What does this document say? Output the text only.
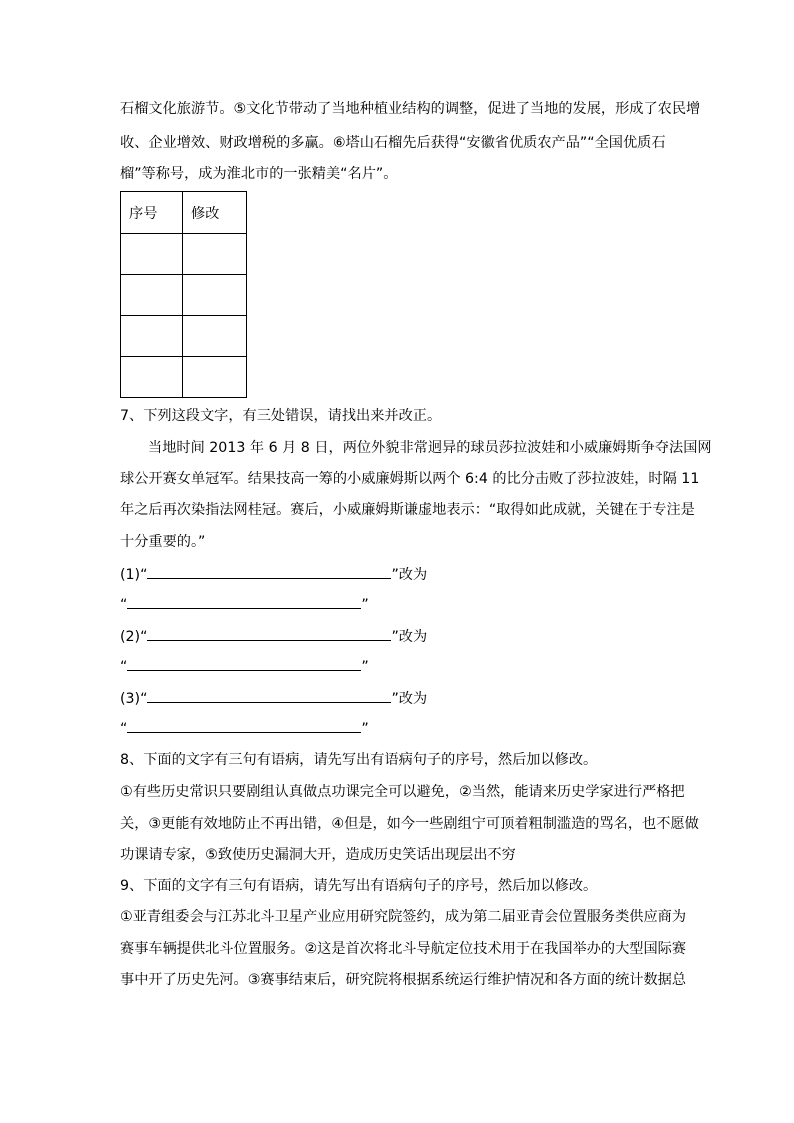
石榴文化旅游节。⑤文化节带动了当地种植业结构的调整，促进了当地的发展，形成了农民增
收、企业增效、财政增税的多赢。⑥塔山石榴先后获得“安徽省优质农产品”“全国优质石
榴”等称号，成为淮北市的一张精美“名片”。
序号	修改

7、下列这段文字，有三处错误，请找出来并改正。
当地时间 2013 年 6 月 8 日，两位外貌非常迥异的球员莎拉波娃和小威廉姆斯争夺法国网
球公开赛女单冠军。结果技高一筹的小威廉姆斯以两个 6:4 的比分击败了莎拉波娃，时隔 11
年之后再次染指法网桂冠。赛后，小威廉姆斯谦虚地表示：“取得如此成就，关键在于专注是
十分重要的。”
(1)“	”改为
“	”
(2)“	”改为
“	”
(3)“	”改为
“	”
8、下面的文字有三句有语病，请先写出有语病句子的序号，然后加以修改。
①有些历史常识只要剧组认真做点功课完全可以避免，②当然，能请来历史学家进行严格把
关，③更能有效地防止不再出错，④但是，如今一些剧组宁可顶着粗制滥造的骂名，也不愿做
功课请专家，⑤致使历史漏洞大开，造成历史笑话出现层出不穷
9、下面的文字有三句有语病，请先写出有语病句子的序号，然后加以修改。
①亚青组委会与江苏北斗卫星产业应用研究院签约，成为第二届亚青会位置服务类供应商为
赛事车辆提供北斗位置服务。②这是首次将北斗导航定位技术用于在我国举办的大型国际赛
事中开了历史先河。③赛事结束后，研究院将根据系统运行维护情况和各方面的统计数据总
